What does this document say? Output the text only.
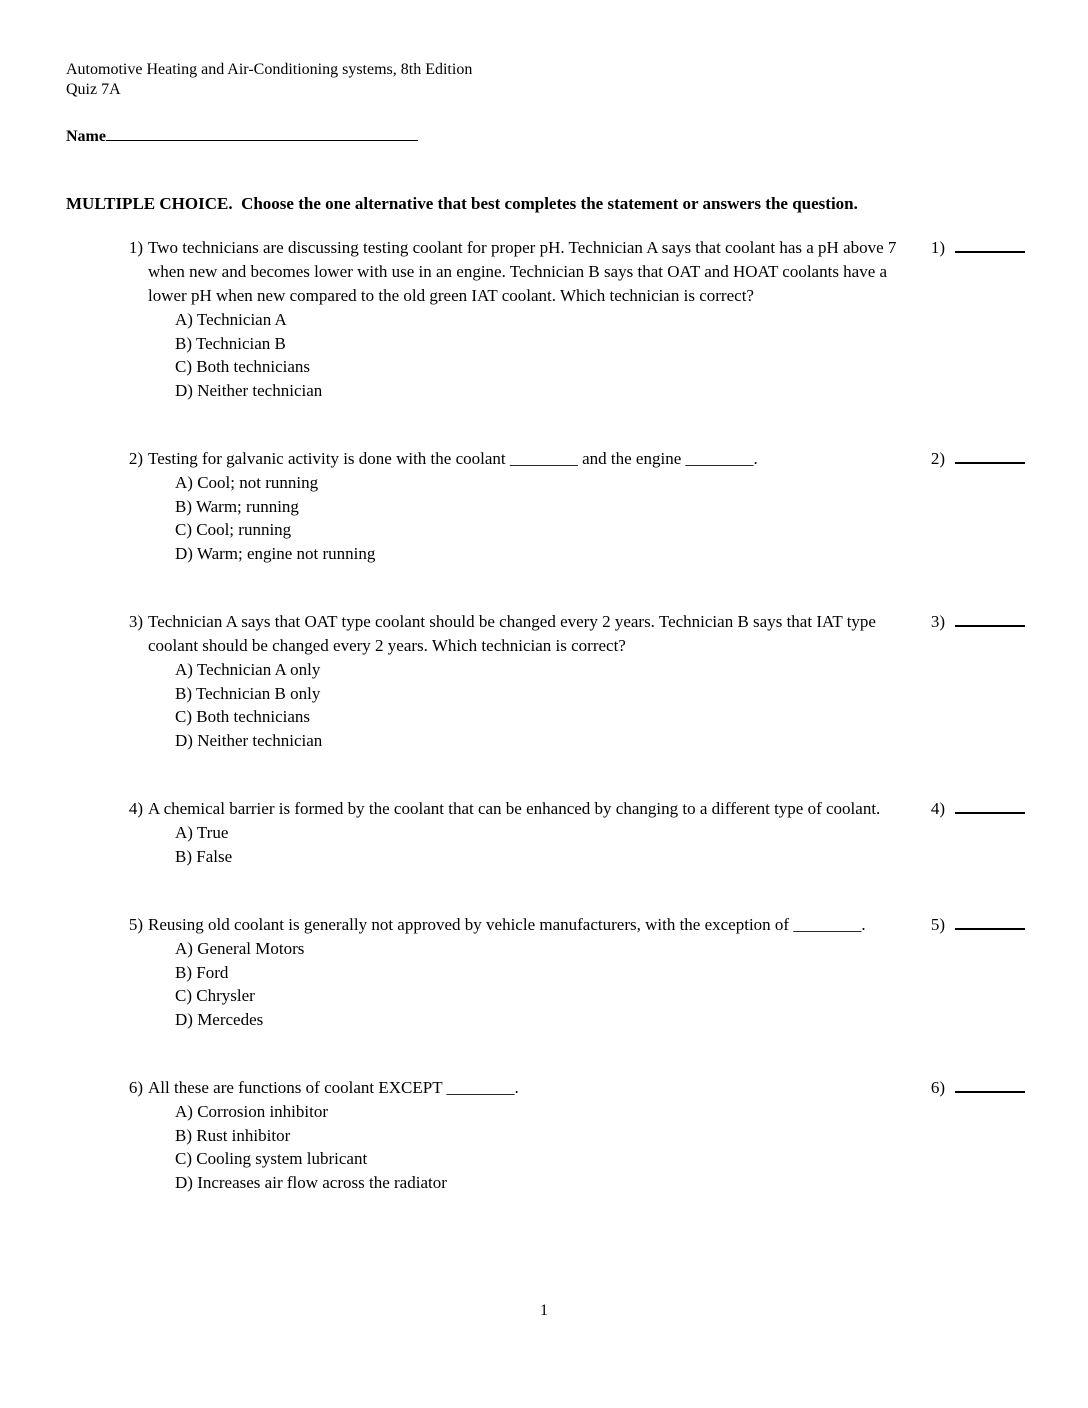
Automotive Heating and Air-Conditioning systems, 8th Edition
Quiz 7A
Name
MULTIPLE CHOICE.  Choose the one alternative that best completes the statement or answers the question.
1) Two technicians are discussing testing coolant for proper pH. Technician A says that coolant has a pH above 7 when new and becomes lower with use in an engine. Technician B says that OAT and HOAT coolants have a lower pH when new compared to the old green IAT coolant. Which technician is correct?
A) Technician A
B) Technician B
C) Both technicians
D) Neither technician
1)
2) Testing for galvanic activity is done with the coolant ________ and the engine ________.
A) Cool; not running
B) Warm; running
C) Cool; running
D) Warm; engine not running
2)
3) Technician A says that OAT type coolant should be changed every 2 years. Technician B says that IAT type coolant should be changed every 2 years. Which technician is correct?
A) Technician A only
B) Technician B only
C) Both technicians
D) Neither technician
3)
4) A chemical barrier is formed by the coolant that can be enhanced by changing to a different type of coolant.
A) True
B) False
4)
5) Reusing old coolant is generally not approved by vehicle manufacturers, with the exception of ________.
A) General Motors
B) Ford
C) Chrysler
D) Mercedes
5)
6) All these are functions of coolant EXCEPT ________.
A) Corrosion inhibitor
B) Rust inhibitor
C) Cooling system lubricant
D) Increases air flow across the radiator
6)
1
